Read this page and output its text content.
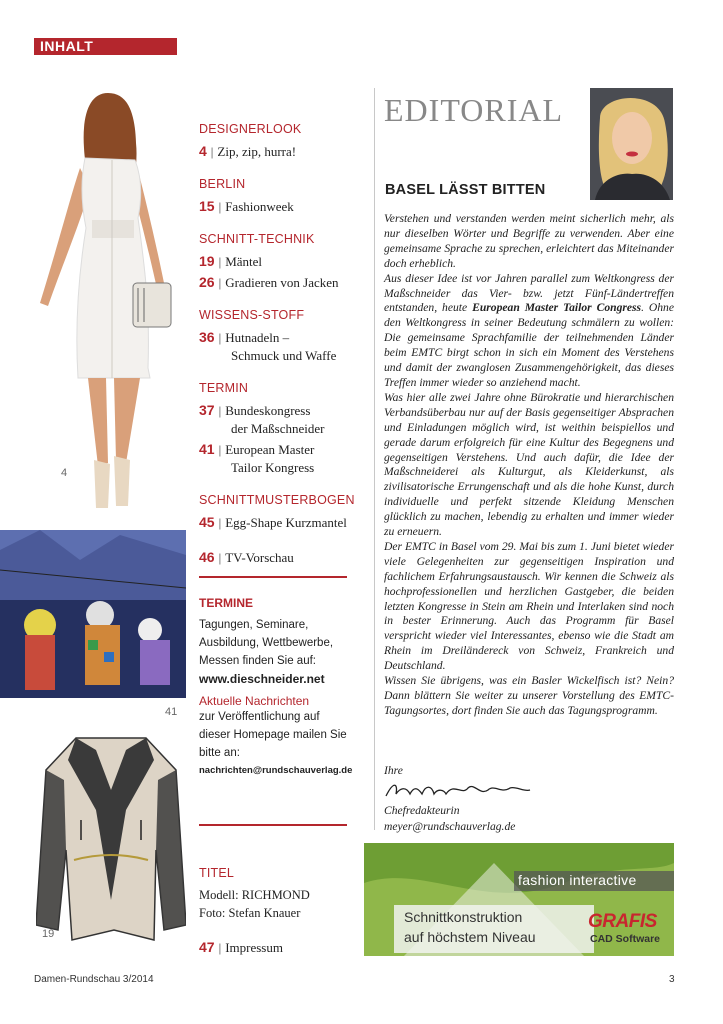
INHALT
4
41
19
DESIGNERLOOK
4 | Zip, zip, hurra!
BERLIN
15 | Fashionweek
SCHNITT-TECHNIK
19 | Mäntel
26 | Gradieren von Jacken
WISSENS-STOFF
36 | Hutnadeln –
Schmuck und Waffe
TERMIN
37 | Bundeskongress
der Maßschneider
41 | European Master
Tailor Kongress
SCHNITTMUSTERBOGEN
45 | Egg-Shape Kurzmantel
46 | TV-Vorschau
TERMINE
Tagungen, Seminare,
Ausbildung, Wettbewerbe,
Messen finden Sie auf:
www.dieschneider.net
Aktuelle Nachrichten
zur Veröffentlichung auf
dieser Homepage mailen Sie
bitte an:
nachrichten@rundschauverlag.de
TITEL
Modell: RICHMOND
Foto: Stefan Knauer
47 | Impressum
EDITORIAL
BASEL LÄSST BITTEN
Verstehen und verstanden werden meint sicherlich mehr, als nur dieselben Wörter und Begriffe zu verwenden. Aber eine gemeinsame Sprache zu sprechen, erleichtert das Miteinander doch erheblich.
Aus dieser Idee ist vor Jahren parallel zum Weltkongress der Maßschneider das Vier- bzw. jetzt Fünf-Ländertreffen entstanden, heute European Master Tailor Congress. Ohne den Weltkongress in seiner Bedeutung schmälern zu wollen: Die gemeinsame Sprachfamilie der teilnehmenden Länder beim EMTC birgt schon in sich ein Moment des Verstehens und damit der zwanglosen Zusammengehörigkeit, das dieses Treffen immer wieder so anziehend macht.
Was hier alle zwei Jahre ohne Bürokratie und hierarchischen Verbandsüberbau nur auf der Basis gegenseitiger Absprachen und Einladungen möglich wird, ist weithin beispiellos und gerade darum erfolgreich für eine Kultur des Begegnens und gegenseitigen Verstehens. Und auch dafür, die Idee der Maßschneiderei als Kulturgut, als Kleiderkunst, als zivilisatorische Errungenschaft und als die hohe Kunst, durch individuelle und perfekt sitzende Kleidung Menschen glücklich zu machen, lebendig zu erhalten und immer wieder zu erneuern.
Der EMTC in Basel vom 29. Mai bis zum 1. Juni bietet wieder viele Gelegenheiten zur gegenseitigen Inspiration und fachlichem Erfahrungsaustausch. Wir kennen die Schweiz als hochprofessionellen und herzlichen Gastgeber, die beiden letzten Kongresse in Stein am Rhein und Interlaken sind noch in bester Erinnerung. Auch das Programm für Basel verspricht wieder viel Interessantes, ebenso wie die Stadt am Rhein im Dreiländereck von Schweiz, Frankreich und Deutschland.
Wissen Sie übrigens, was ein Basler Wickelfisch ist? Nein? Dann blättern Sie weiter zu unserer Vorstellung des EMTC-Tagungsortes, dort finden Sie auch das Tagungsprogramm.
Ihre
Chefredakteurin
meyer@rundschauverlag.de
fashion interactive
Schnittkonstruktion
auf höchstem Niveau
GRAFIS
CAD Software
Damen-Rundschau 3/2014	3
